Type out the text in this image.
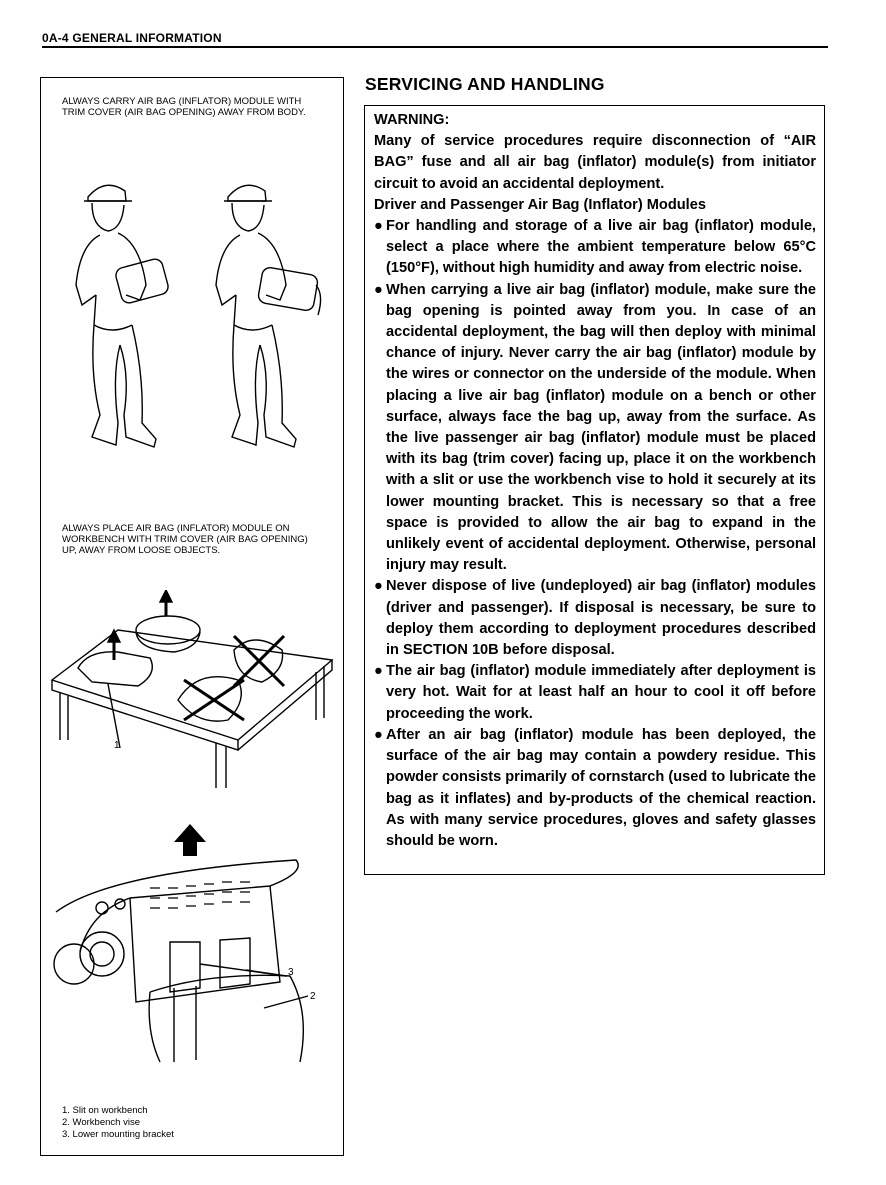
0A-4 GENERAL INFORMATION
ALWAYS CARRY AIR BAG (INFLATOR) MODULE WITH TRIM COVER (AIR BAG OPENING) AWAY FROM BODY.
ALWAYS PLACE AIR BAG (INFLATOR) MODULE ON WORKBENCH WITH TRIM COVER (AIR BAG OPENING) UP, AWAY FROM LOOSE OBJECTS.
1
3
2
1. Slit on workbench
2. Workbench vise
3. Lower mounting bracket
SERVICING AND HANDLING

WARNING:

Many of service procedures require disconnection of “AIR BAG” fuse and all air bag (inflator) module(s) from initiator circuit to avoid an accidental deployment.

Driver and Passenger Air Bag (Inflator) Modules

● For handling and storage of a live air bag (inflator) module, select a place where the ambient temperature below 65°C (150°F), without high humidity and away from electric noise.
● When carrying a live air bag (inflator) module, make sure the bag opening is pointed away from you. In case of an accidental deployment, the bag will then deploy with minimal chance of injury. Never carry the air bag (inflator) module by the wires or connector on the underside of the module. When placing a live air bag (inflator) module on a bench or other surface, always face the bag up, away from the surface. As the live passenger air bag (inflator) module must be placed with its bag (trim cover) facing up, place it on the workbench with a slit or use the workbench vise to hold it securely at its lower mounting bracket. This is necessary so that a free space is provided to allow the air bag to expand in the unlikely event of accidental deployment. Otherwise, personal injury may result.
● Never dispose of live (undeployed) air bag (inflator) modules (driver and passenger). If disposal is necessary, be sure to deploy them according to deployment procedures described in SECTION 10B before disposal.
● The air bag (inflator) module immediately after deployment is very hot. Wait for at least half an hour to cool it off before proceeding the work.
● After an air bag (inflator) module has been deployed, the surface of the air bag may contain a powdery residue. This powder consists primarily of cornstarch (used to lubricate the bag as it inflates) and by-products of the chemical reaction. As with many service procedures, gloves and safety glasses should be worn.
